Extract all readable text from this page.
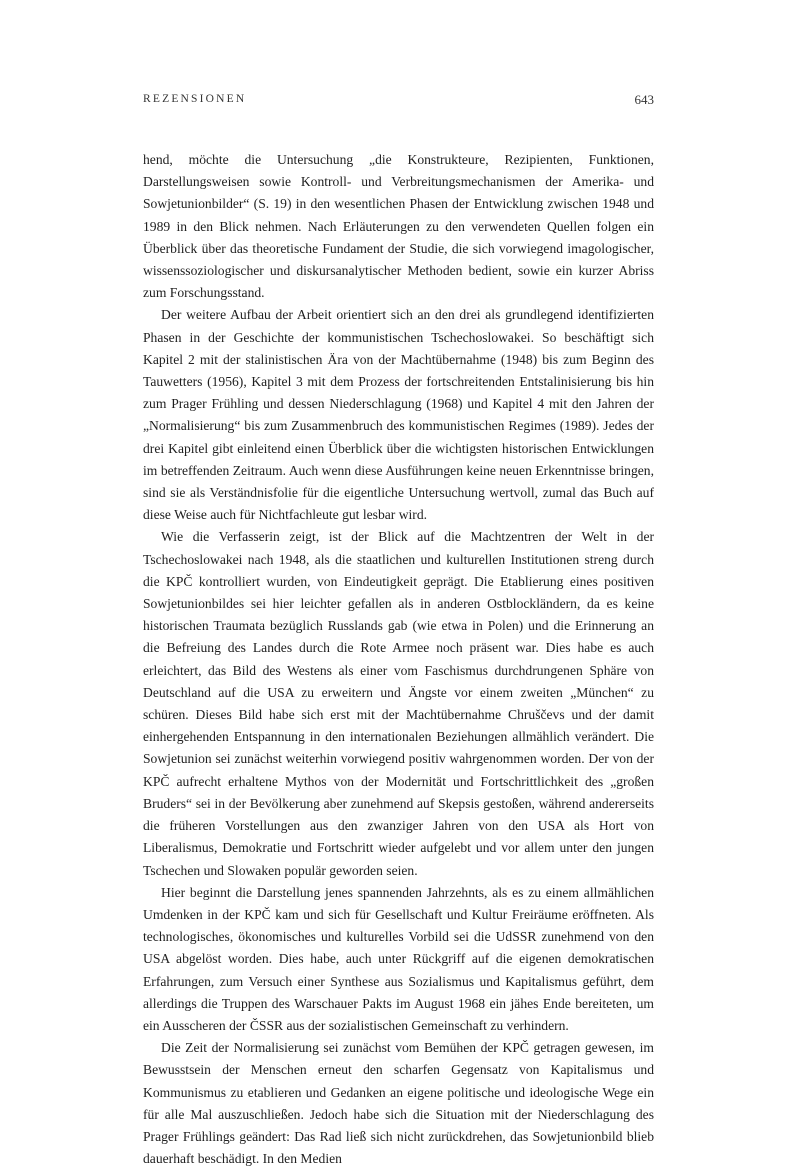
REZENSIONEN	643

hend, möchte die Untersuchung „die Konstrukteure, Rezipienten, Funktionen, Darstellungsweisen sowie Kontroll- und Verbreitungsmechanismen der Amerika- und Sowjetunionbilder“ (S. 19) in den wesentlichen Phasen der Entwicklung zwischen 1948 und 1989 in den Blick nehmen. Nach Erläuterungen zu den verwendeten Quellen folgen ein Überblick über das theoretische Fundament der Studie, die sich vorwiegend imagologischer, wissenssoziologischer und diskursanalytischer Methoden bedient, sowie ein kurzer Abriss zum Forschungsstand.

Der weitere Aufbau der Arbeit orientiert sich an den drei als grundlegend identifizierten Phasen in der Geschichte der kommunistischen Tschechoslowakei. So beschäftigt sich Kapitel 2 mit der stalinistischen Ära von der Machtübernahme (1948) bis zum Beginn des Tauwetters (1956), Kapitel 3 mit dem Prozess der fortschreitenden Entstalinisierung bis hin zum Prager Frühling und dessen Niederschlagung (1968) und Kapitel 4 mit den Jahren der „Normalisierung“ bis zum Zusammenbruch des kommunistischen Regimes (1989). Jedes der drei Kapitel gibt einleitend einen Überblick über die wichtigsten historischen Entwicklungen im betreffenden Zeitraum. Auch wenn diese Ausführungen keine neuen Erkenntnisse bringen, sind sie als Verständnisfolie für die eigentliche Untersuchung wertvoll, zumal das Buch auf diese Weise auch für Nichtfachleute gut lesbar wird.

Wie die Verfasserin zeigt, ist der Blick auf die Machtzentren der Welt in der Tschechoslowakei nach 1948, als die staatlichen und kulturellen Institutionen streng durch die KPČ kontrolliert wurden, von Eindeutigkeit geprägt. Die Etablierung eines positiven Sowjetunionbildes sei hier leichter gefallen als in anderen Ostblockländern, da es keine historischen Traumata bezüglich Russlands gab (wie etwa in Polen) und die Erinnerung an die Befreiung des Landes durch die Rote Armee noch präsent war. Dies habe es auch erleichtert, das Bild des Westens als einer vom Faschismus durchdrungenen Sphäre von Deutschland auf die USA zu erweitern und Ängste vor einem zweiten „München“ zu schüren. Dieses Bild habe sich erst mit der Machtübernahme Chruščevs und der damit einhergehenden Entspannung in den internationalen Beziehungen allmählich verändert. Die Sowjetunion sei zunächst weiterhin vorwiegend positiv wahrgenommen worden. Der von der KPČ aufrecht erhaltene Mythos von der Modernität und Fortschrittlichkeit des „großen Bruders“ sei in der Bevölkerung aber zunehmend auf Skepsis gestoßen, während andererseits die früheren Vorstellungen aus den zwanziger Jahren von den USA als Hort von Liberalismus, Demokratie und Fortschritt wieder aufgelebt und vor allem unter den jungen Tschechen und Slowaken populär geworden seien.

Hier beginnt die Darstellung jenes spannenden Jahrzehnts, als es zu einem allmählichen Umdenken in der KPČ kam und sich für Gesellschaft und Kultur Freiräume eröffneten. Als technologisches, ökonomisches und kulturelles Vorbild sei die UdSSR zunehmend von den USA abgelöst worden. Dies habe, auch unter Rückgriff auf die eigenen demokratischen Erfahrungen, zum Versuch einer Synthese aus Sozialismus und Kapitalismus geführt, dem allerdings die Truppen des Warschauer Pakts im August 1968 ein jähes Ende bereiteten, um ein Ausscheren der ČSSR aus der sozialistischen Gemeinschaft zu verhindern.

Die Zeit der Normalisierung sei zunächst vom Bemühen der KPČ getragen gewesen, im Bewusstsein der Menschen erneut den scharfen Gegensatz von Kapitalismus und Kommunismus zu etablieren und Gedanken an eigene politische und ideologische Wege ein für alle Mal auszuschließen. Jedoch habe sich die Situation mit der Niederschlagung des Prager Frühlings geändert: Das Rad ließ sich nicht zurückdrehen, das Sowjetunionbild blieb dauerhaft beschädigt. In den Medien
